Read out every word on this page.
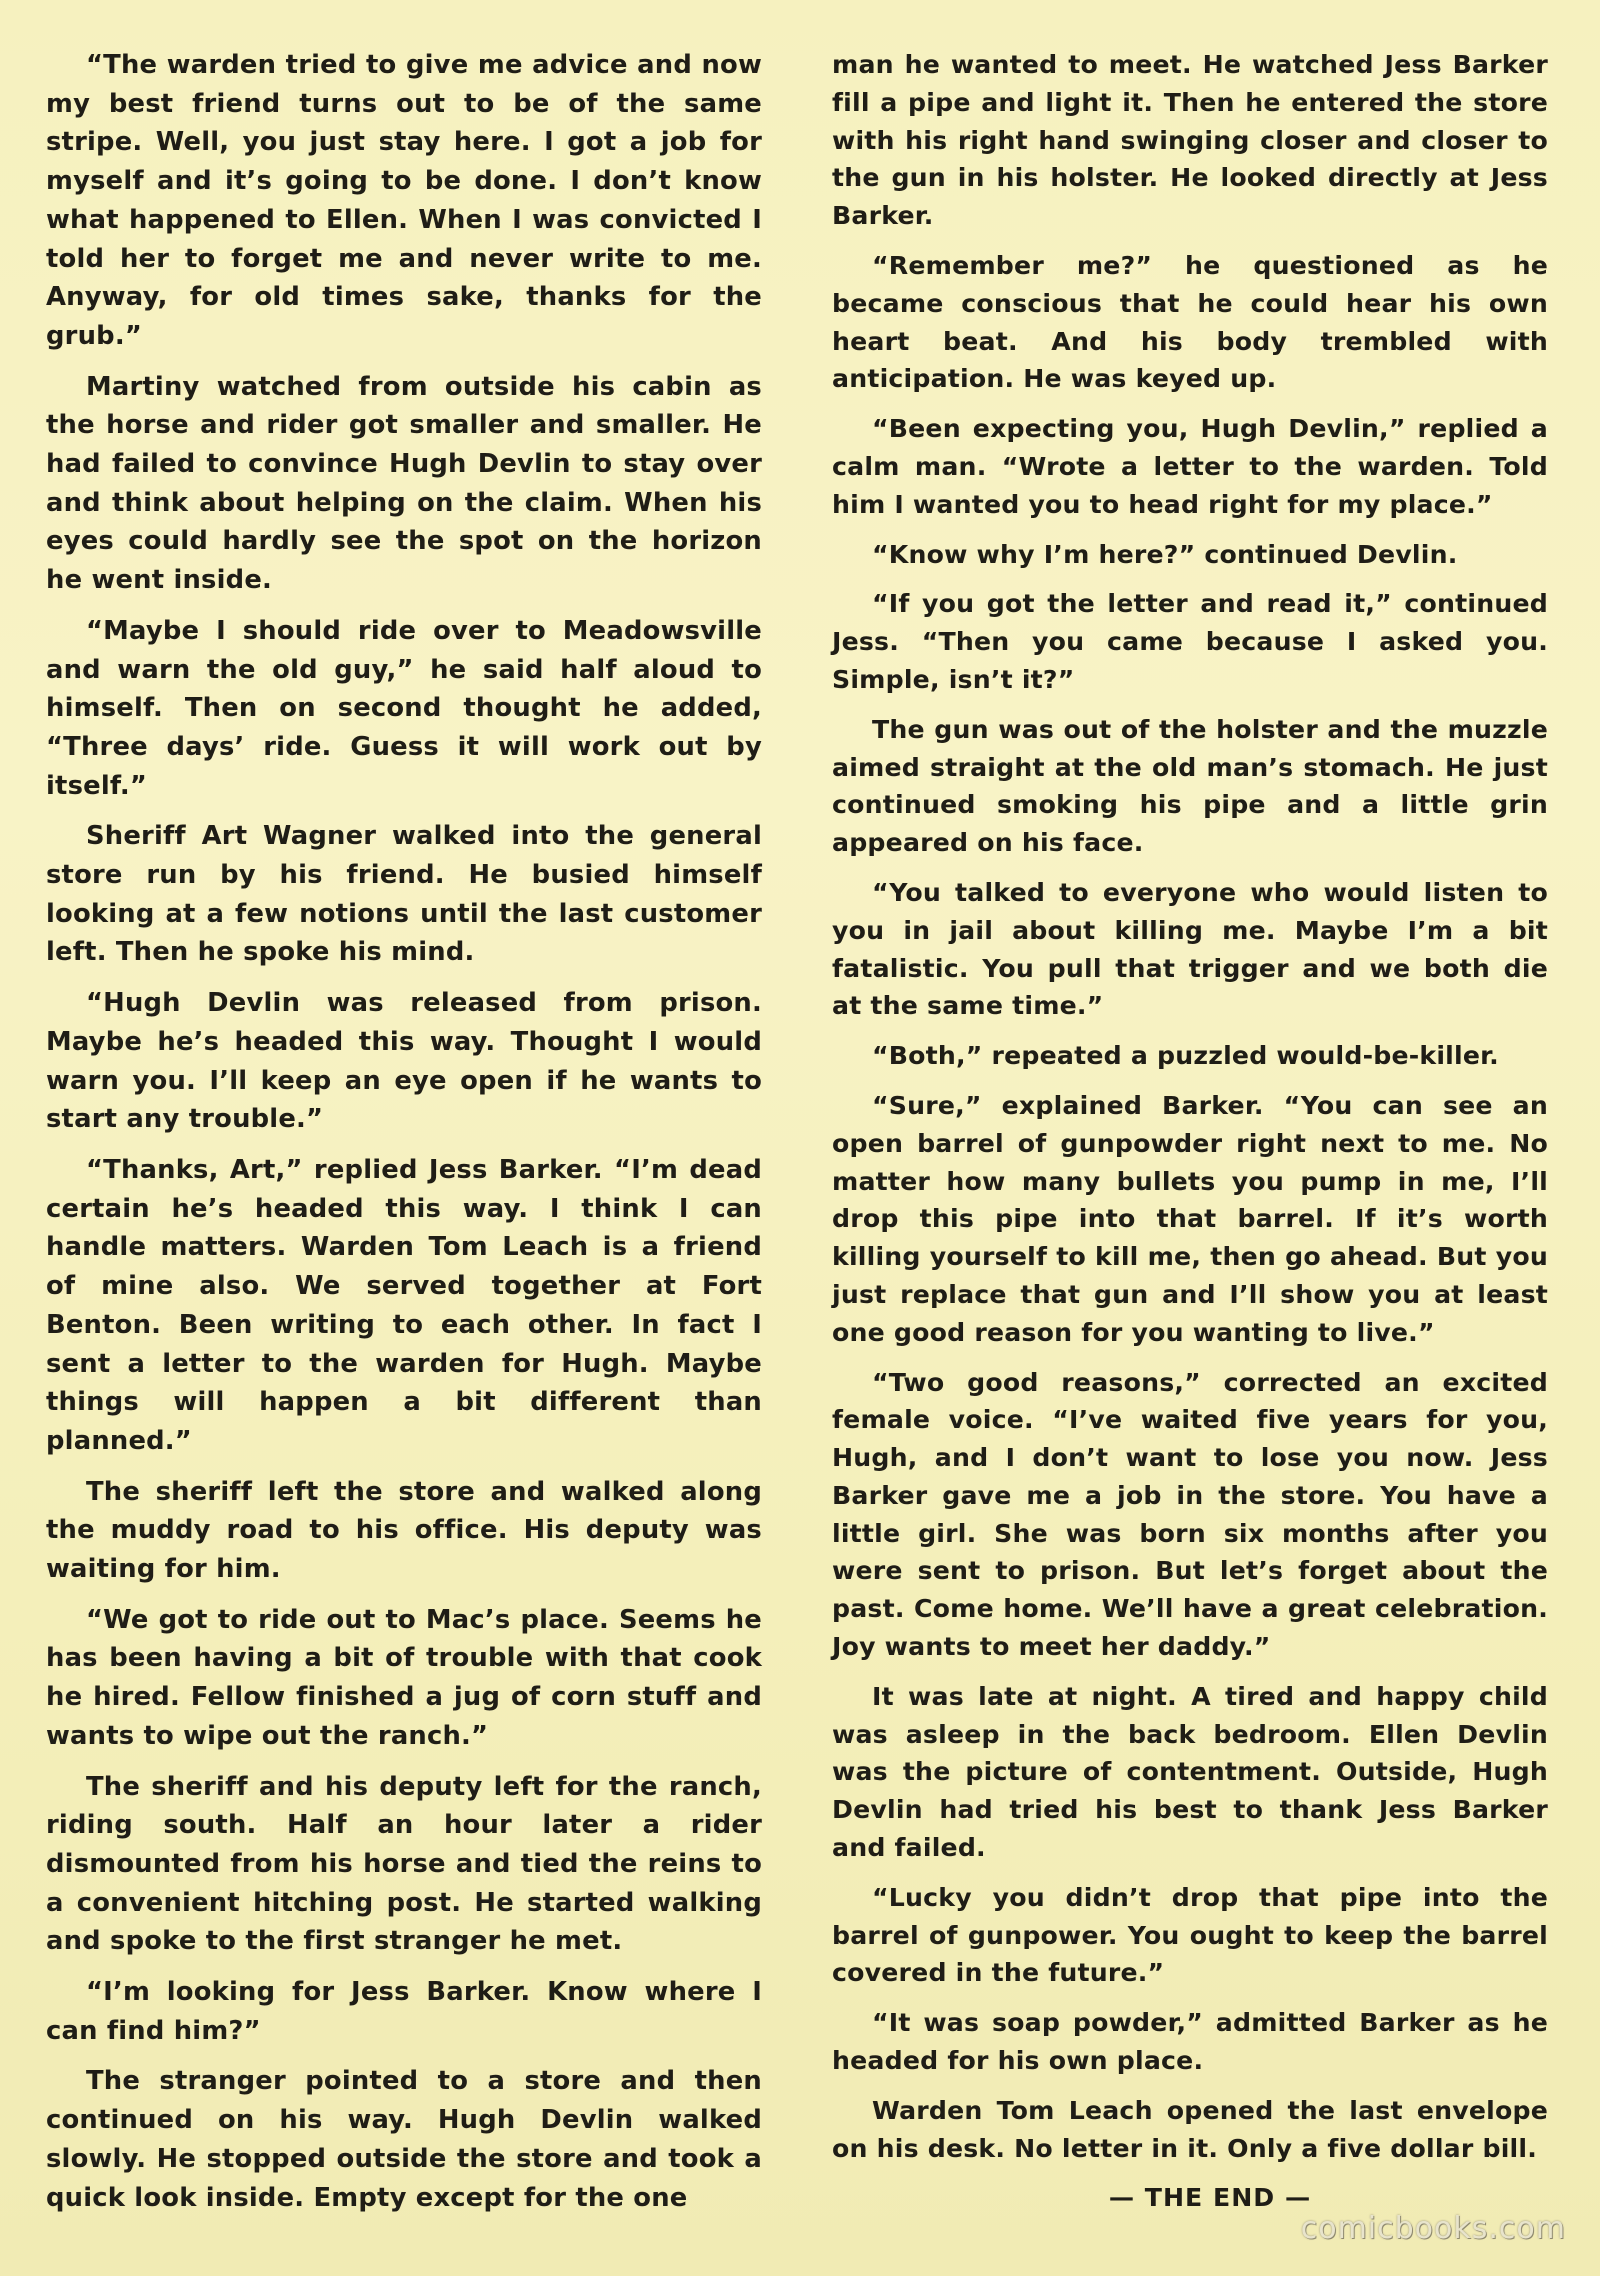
“The warden tried to give me advice and now my best friend turns out to be of the same stripe. Well, you just stay here. I got a job for myself and it’s going to be done. I don’t know what happened to Ellen. When I was convicted I told her to forget me and never write to me. Anyway, for old times sake, thanks for the grub.”

Martiny watched from outside his cabin as the horse and rider got smaller and smaller. He had failed to convince Hugh Devlin to stay over and think about helping on the claim. When his eyes could hardly see the spot on the horizon he went inside.

“Maybe I should ride over to Meadowsville and warn the old guy,” he said half aloud to himself. Then on second thought he added, “Three days’ ride. Guess it will work out by itself.”

Sheriff Art Wagner walked into the general store run by his friend. He busied himself looking at a few notions until the last customer left. Then he spoke his mind.

“Hugh Devlin was released from prison. Maybe he’s headed this way. Thought I would warn you. I’ll keep an eye open if he wants to start any trouble.”

“Thanks, Art,” replied Jess Barker. “I’m dead certain he’s headed this way. I think I can handle matters. Warden Tom Leach is a friend of mine also. We served together at Fort Benton. Been writing to each other. In fact I sent a letter to the warden for Hugh. Maybe things will happen a bit different than planned.”

The sheriff left the store and walked along the muddy road to his office. His deputy was waiting for him.

“We got to ride out to Mac’s place. Seems he has been having a bit of trouble with that cook he hired. Fellow finished a jug of corn stuff and wants to wipe out the ranch.”

The sheriff and his deputy left for the ranch, riding south. Half an hour later a rider dismounted from his horse and tied the reins to a convenient hitching post. He started walking and spoke to the first stranger he met.

“I’m looking for Jess Barker. Know where I can find him?”

The stranger pointed to a store and then continued on his way. Hugh Devlin walked slowly. He stopped outside the store and took a quick look inside. Empty except for the one

man he wanted to meet. He watched Jess Barker fill a pipe and light it. Then he entered the store with his right hand swinging closer and closer to the gun in his holster. He looked directly at Jess Barker.

“Remember me?” he questioned as he became conscious that he could hear his own heart beat. And his body trembled with anticipation. He was keyed up.

“Been expecting you, Hugh Devlin,” replied a calm man. “Wrote a letter to the warden. Told him I wanted you to head right for my place.”

“Know why I’m here?” continued Devlin.

“If you got the letter and read it,” continued Jess. “Then you came because I asked you. Simple, isn’t it?”

The gun was out of the holster and the muzzle aimed straight at the old man’s stomach. He just continued smoking his pipe and a little grin appeared on his face.

“You talked to everyone who would listen to you in jail about killing me. Maybe I’m a bit fatalistic. You pull that trigger and we both die at the same time.”

“Both,” repeated a puzzled would-be-killer.

“Sure,” explained Barker. “You can see an open barrel of gunpowder right next to me. No matter how many bullets you pump in me, I’ll drop this pipe into that barrel. If it’s worth killing yourself to kill me, then go ahead. But you just replace that gun and I’ll show you at least one good reason for you wanting to live.”

“Two good reasons,” corrected an excited female voice. “I’ve waited five years for you, Hugh, and I don’t want to lose you now. Jess Barker gave me a job in the store. You have a little girl. She was born six months after you were sent to prison. But let’s forget about the past. Come home. We’ll have a great celebration. Joy wants to meet her daddy.”

It was late at night. A tired and happy child was asleep in the back bedroom. Ellen Devlin was the picture of contentment. Outside, Hugh Devlin had tried his best to thank Jess Barker and failed.

“Lucky you didn’t drop that pipe into the barrel of gunpower. You ought to keep the barrel covered in the future.”

“It was soap powder,” admitted Barker as he headed for his own place.

Warden Tom Leach opened the last envelope on his desk. No letter in it. Only a five dollar bill.

— THE END —

comicbooks.com
